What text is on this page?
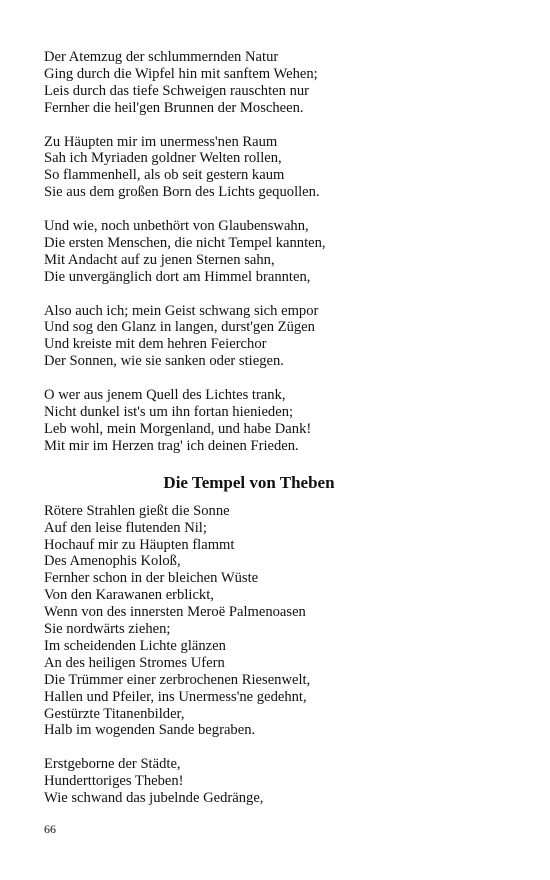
Der Atemzug der schlummernden Natur

Ging durch die Wipfel hin mit sanftem Wehen;

Leis durch das tiefe Schweigen rauschten nur

Fernher die heil'gen Brunnen der Moscheen.

Zu Häupten mir im unermess'nen Raum

Sah ich Myriaden goldner Welten rollen,

So flammenhell, als ob seit gestern kaum

Sie aus dem großen Born des Lichts gequollen.

Und wie, noch unbethört von Glaubenswahn,

Die ersten Menschen, die nicht Tempel kannten,

Mit Andacht auf zu jenen Sternen sahn,

Die unvergänglich dort am Himmel brannten,

Also auch ich; mein Geist schwang sich empor

Und sog den Glanz in langen, durst'gen Zügen

Und kreiste mit dem hehren Feierchor

Der Sonnen, wie sie sanken oder stiegen.

O wer aus jenem Quell des Lichtes trank,

Nicht dunkel ist's um ihn fortan hienieden;

Leb wohl, mein Morgenland, und habe Dank!

Mit mir im Herzen trag' ich deinen Frieden.

Die Tempel von Theben

Rötere Strahlen gießt die Sonne

Auf den leise flutenden Nil;

Hochauf mir zu Häupten flammt

Des Amenophis Koloß,

Fernher schon in der bleichen Wüste

Von den Karawanen erblickt,

Wenn von des innersten Meroë Palmenoasen

Sie nordwärts ziehen;

Im scheidenden Lichte glänzen

An des heiligen Stromes Ufern

Die Trümmer einer zerbrochenen Riesenwelt,

Hallen und Pfeiler, ins Unermess'ne gedehnt,

Gestürzte Titanenbilder,

Halb im wogenden Sande begraben.

Erstgeborne der Städte,

Hunderttoriges Theben!

Wie schwand das jubelnde Gedränge,

66
